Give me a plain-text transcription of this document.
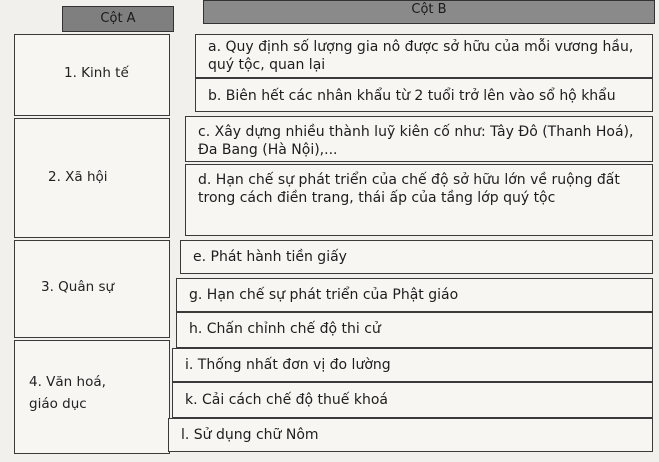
Cột A
1. Kinh tế
2. Xã hội
3. Quân sự
4. Văn hoá, giáo dục
Cột B
a. Quy định số lượng gia nô được sở hữu của mỗi vương hầu, quý tộc, quan lại
b. Biên hết các nhân khẩu từ 2 tuổi trở lên vào sổ hộ khẩu
c. Xây dựng nhiều thành luỹ kiên cố như: Tây Đô (Thanh Hoá), Đa Bang (Hà Nội),...
d. Hạn chế sự phát triển của chế độ sở hữu lớn về ruộng đất trong cách điền trang, thái ấp của tầng lớp quý tộc
e. Phát hành tiền giấy
g. Hạn chế sự phát triển của Phật giáo
h. Chấn chỉnh chế độ thi cử
i. Thống nhất đơn vị đo lường
k. Cải cách chế độ thuế khoá
l. Sử dụng chữ Nôm
